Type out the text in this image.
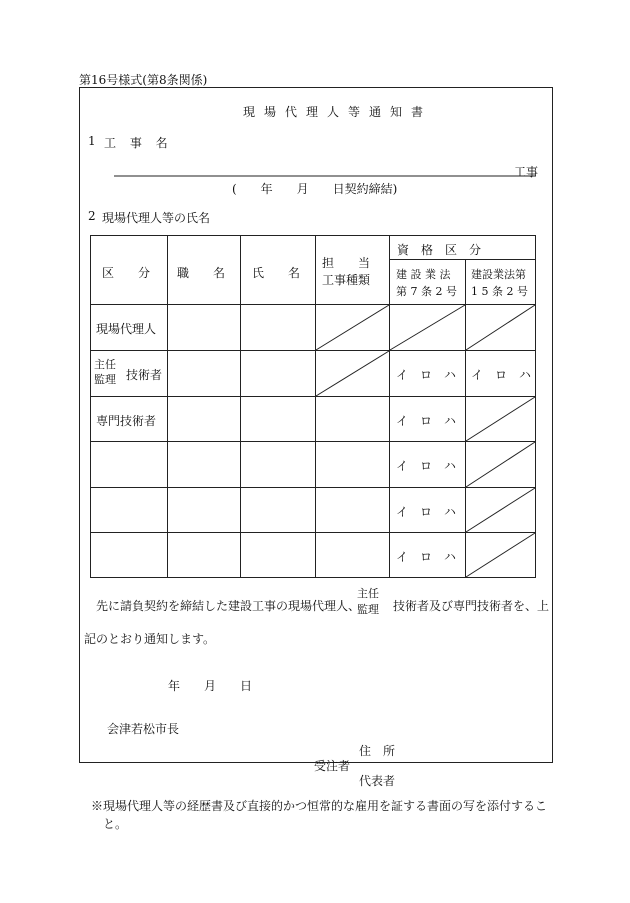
第16号様式(第8条関係)
現場代理人等通知書
1 工 事 名
工事
(　　年　　月　　日契約締結)
2 現場代理人等の氏名
区　　分 職　　名 氏　　名
担　　当
工事種類
資　格　区　分
建 設 業 法
第 7 条 2 号
建設業法第
1 5 条 2 号
現場代理人
主任
監理 技術者
専門技術者
イ　ロ　ハ イ　ロ　ハ
イ　ロ　ハ
イ　ロ　ハ
イ　ロ　ハ
イ　ロ　ハ
先に請負契約を締結した建設工事の現場代理人、
主任
監理 技術者及び専門技術者を、上
記のとおり通知します。
年　　月　　日
会津若松市長
住　所
受注者
代表者
※現場代理人等の経歴書及び直接的かつ恒常的な雇用を証する書面の写を添付するこ
と。
